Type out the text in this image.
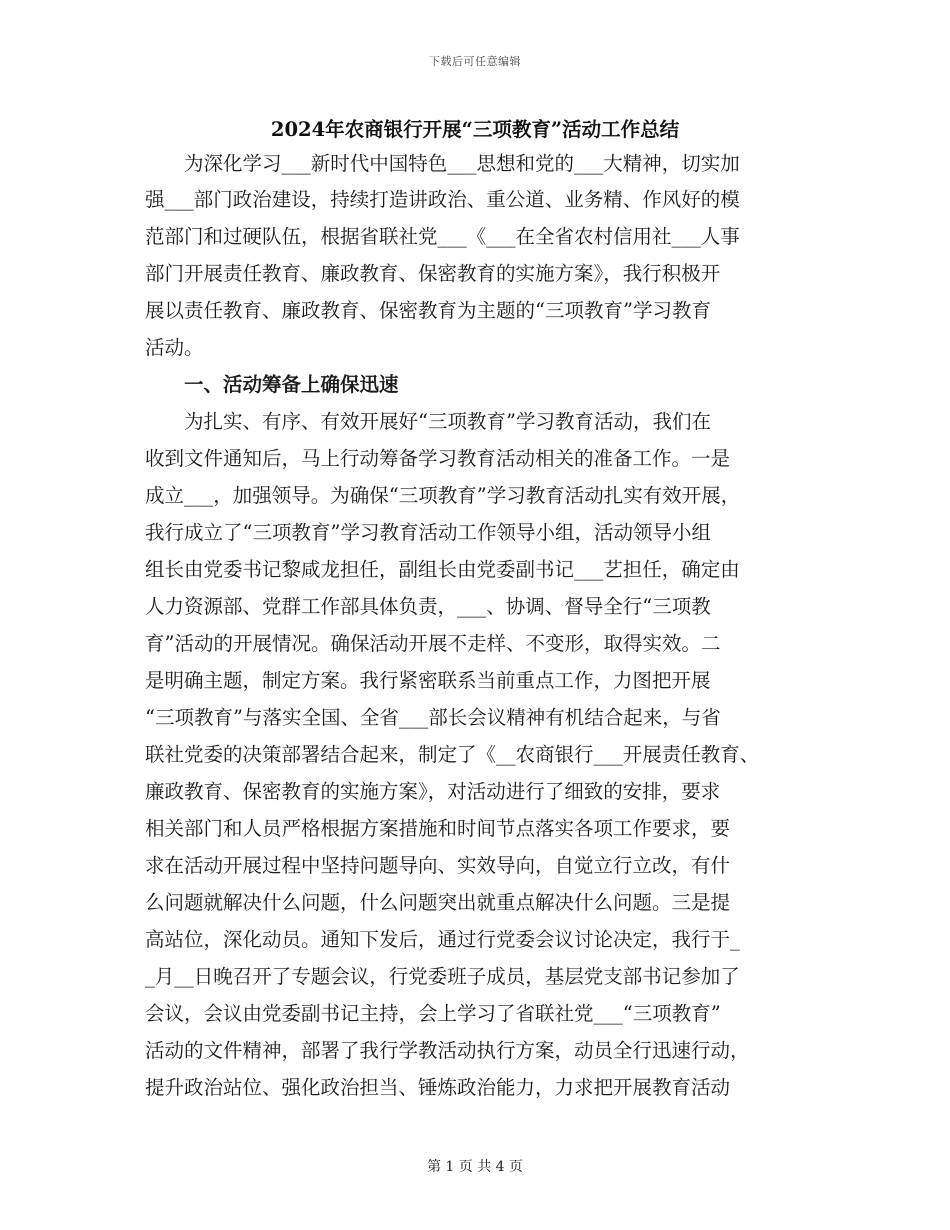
下载后可任意编辑
2024年农商银行开展“三项教育”活动工作总结

为深化学习___新时代中国特色___思想和党的___大精神，切实加

强___部门政治建设，持续打造讲政治、重公道、业务精、作风好的模

范部门和过硬队伍，根据省联社党___《___在全省农村信用社___人事

部门开展责任教育、廉政教育、保密教育的实施方案》，我行积极开

展以责任教育、廉政教育、保密教育为主题的“三项教育”学习教育

活动。

一、活动筹备上确保迅速

为扎实、有序、有效开展好“三项教育”学习教育活动，我们在

收到文件通知后，马上行动筹备学习教育活动相关的准备工作。一是

成立___，加强领导。为确保“三项教育”学习教育活动扎实有效开展，

我行成立了“三项教育”学习教育活动工作领导小组，活动领导小组

组长由党委书记黎咸龙担任，副组长由党委副书记___艺担任，确定由

人力资源部、党群工作部具体负责，___、协调、督导全行“三项教

育”活动的开展情况。确保活动开展不走样、不变形，取得实效。二

是明确主题，制定方案。我行紧密联系当前重点工作，力图把开展

“三项教育”与落实全国、全省___部长会议精神有机结合起来，与省

联社党委的决策部署结合起来，制定了《__农商银行___开展责任教育、

廉政教育、保密教育的实施方案》，对活动进行了细致的安排，要求

相关部门和人员严格根据方案措施和时间节点落实各项工作要求，要

求在活动开展过程中坚持问题导向、实效导向，自觉立行立改，有什

么问题就解决什么问题，什么问题突出就重点解决什么问题。三是提

高站位，深化动员。通知下发后，通过行党委会议讨论决定，我行于_

_月__日晚召开了专题会议，行党委班子成员，基层党支部书记参加了

会议，会议由党委副书记主持，会上学习了省联社党___“三项教育”

活动的文件精神，部署了我行学教活动执行方案，动员全行迅速行动，

提升政治站位、强化政治担当、锤炼政治能力，力求把开展教育活动

第 1 页 共 4 页
